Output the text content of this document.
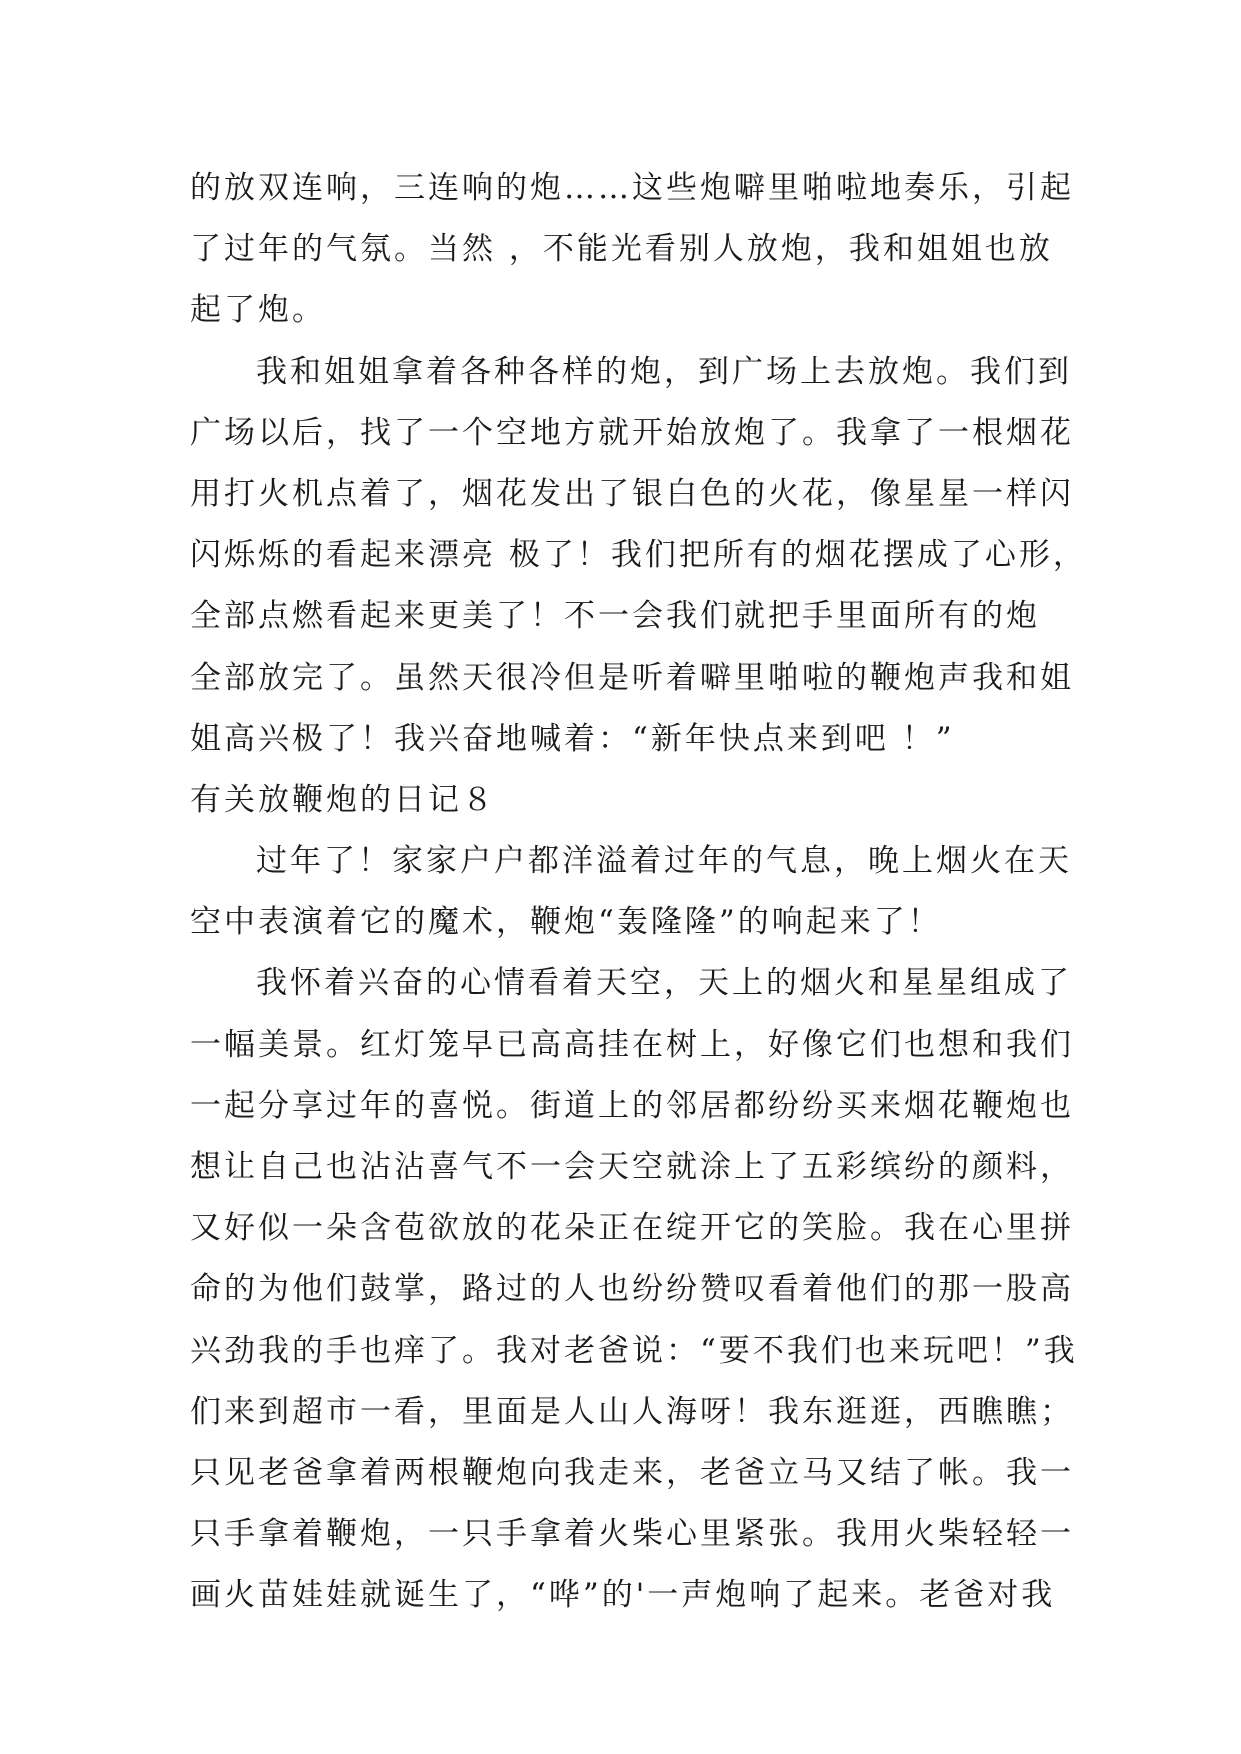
的放双连响，三连响的炮……这些炮噼里啪啦地奏乐，引起
了过年的气氛。当然 ，不能光看别人放炮，我和姐姐也放
起了炮。
我和姐姐拿着各种各样的炮，到广场上去放炮。我们到
广场以后，找了一个空地方就开始放炮了。我拿了一根烟花
用打火机点着了，烟花发出了银白色的火花，像星星一样闪
闪烁烁的看起来漂亮 极了！我们把所有的烟花摆成了心形，
全部点燃看起来更美了！不一会我们就把手里面所有的炮
全部放完了。虽然天很冷但是听着噼里啪啦的鞭炮声我和姐
姐高兴极了！我兴奋地喊着：“新年快点来到吧 ！”
有关放鞭炮的日记８
过年了！家家户户都洋溢着过年的气息，晚上烟火在天
空中表演着它的魔术，鞭炮“轰隆隆”的响起来了！
我怀着兴奋的心情看着天空，天上的烟火和星星组成了
一幅美景。红灯笼早已高高挂在树上，好像它们也想和我们
一起分享过年的喜悦。街道上的邻居都纷纷买来烟花鞭炮也
想让自己也沾沾喜气不一会天空就涂上了五彩缤纷的颜料，
又好似一朵含苞欲放的花朵正在绽开它的笑脸。我在心里拼
命的为他们鼓掌，路过的人也纷纷赞叹看着他们的那一股高
兴劲我的手也痒了。我对老爸说：“要不我们也来玩吧！”我
们来到超市一看，里面是人山人海呀！我东逛逛，西瞧瞧；
只见老爸拿着两根鞭炮向我走来，老爸立马又结了帐。我一
只手拿着鞭炮，一只手拿着火柴心里紧张。我用火柴轻轻一
画火苗娃娃就诞生了，“哗”的'一声炮响了起来。老爸对我
